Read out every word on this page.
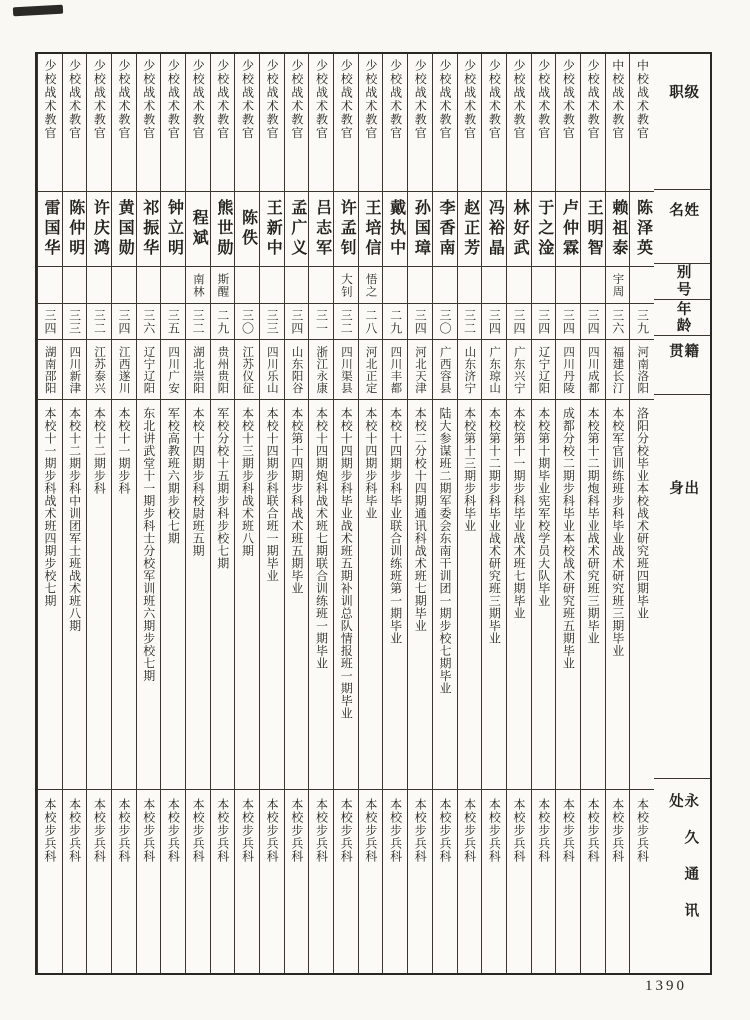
级职
姓名
别号
年龄
籍贯
出身
永久通讯处
中校战术教官
陈泽英
三九
河南洛阳
洛阳分校毕业本校战术研究班四期毕业
本校步兵科
中校战术教官
赖祖泰
宇周
三六
福建长汀
本校军官训练班步科毕业战术研究班三期毕业
本校步兵科
少校战术教官
王明智
三四
四川成都
本校第十二期炮科毕业战术研究班三期毕业
本校步兵科
少校战术教官
卢仲霖
三四
四川丹陵
成都分校二期步科毕业本校战术研究班五期毕业
本校步兵科
少校战术教官
于之淦
三四
辽宁辽阳
本校第十期毕业宪军校学员大队毕业
本校步兵科
少校战术教官
林好武
三四
广东兴宁
本校第十一期步科毕业战术班七期毕业
本校步兵科
少校战术教官
冯裕晶
三四
广东琼山
本校第十二期步科毕业战术研究班三期毕业
本校步兵科
少校战术教官
赵正芳
三二
山东济宁
本校第十三期步科毕业
本校步兵科
少校战术教官
李香南
三〇
广西容县
陆大参谋班二期军委会东南干训团一期步校七期毕业
本校步兵科
少校战术教官
孙国璋
三四
河北天津
本校二分校十四期通讯科战术班七期毕业
本校步兵科
少校战术教官
戴执中
二九
四川丰都
本校十四期步科毕业联合训练班第一期毕业
本校步兵科
少校战术教官
王培信
悟之
二八
河北正定
本校十四期步科毕业
本校步兵科
少校战术教官
许孟钊
大钊
三二
四川渠县
本校十四期步科毕业战术班五期补训总队情报班一期毕业
本校步兵科
少校战术教官
吕志军
三一
浙江永康
本校十四期炮科战术班七期联合训练班一期毕业
本校步兵科
少校战术教官
孟广义
三四
山东阳谷
本校第十四期步科战术班五期毕业
本校步兵科
少校战术教官
王新中
三三
四川乐山
本校十四期步科联合班一期毕业
本校步兵科
少校战术教官
陈佚
三〇
江苏仪征
本校十三期步科战术班八期
本校步兵科
少校战术教官
熊世勋
斯醒
二九
贵州贵阳
军校分校十五期步科步校七期
本校步兵科
少校战术教官
程斌
南林
三二
湖北崇阳
本校十四期步科校尉班五期
本校步兵科
少校战术教官
钟立明
三五
四川广安
军校高教班六期步校七期
本校步兵科
少校战术教官
祁振华
三六
辽宁辽阳
东北讲武堂十一期步科士分校军训班六期步校七期
本校步兵科
少校战术教官
黄国勋
三四
江西遂川
本校十一期步科
本校步兵科
少校战术教官
许庆鸿
三二
江苏泰兴
本校十二期步科
本校步兵科
少校战术教官
陈仲明
三三
四川新津
本校十二期步科中训团军士班战术班八期
本校步兵科
少校战术教官
雷国华
三四
湖南邵阳
本校十一期步科战术班四期步校七期
本校步兵科
1390
